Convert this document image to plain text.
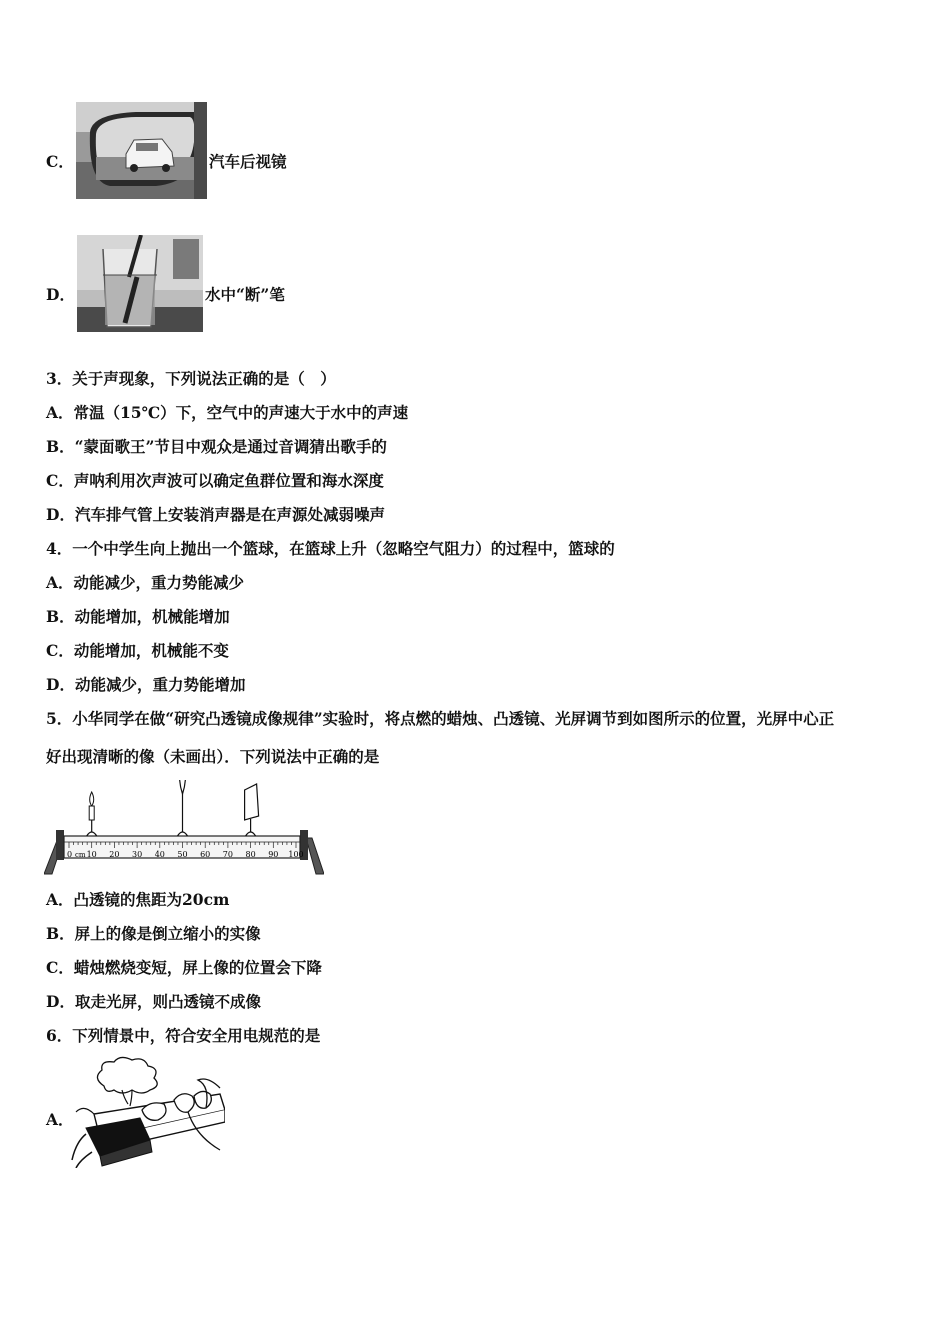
C．	汽车后视镜
D．	水中“断”笔
3．关于声现象，下列说法正确的是（　）
A．常温（15℃）下，空气中的声速大于水中的声速
B．“蒙面歌王”节目中观众是通过音调猜出歌手的
C．声呐利用次声波可以确定鱼群位置和海水深度
D．汽车排气管上安装消声器是在声源处减弱噪声
4．一个中学生向上抛出一个篮球，在篮球上升（忽略空气阻力）的过程中，篮球的
A．动能减少，重力势能减少
B．动能增加，机械能增加
C．动能增加，机械能不变
D．动能减少，重力势能增加
5．小华同学在做“研究凸透镜成像规律”实验时，将点燃的蜡烛、凸透镜、光屏调节到如图所示的位置，光屏中心正
好出现清晰的像（未画出）．下列说法中正确的是
0 10 20 30 40 50 60 70 80 90 100
cm
A．凸透镜的焦距为20cm
B．屏上的像是倒立缩小的实像
C．蜡烛燃烧变短，屏上像的位置会下降
D．取走光屏，则凸透镜不成像
6．下列情景中，符合安全用电规范的是
A．
